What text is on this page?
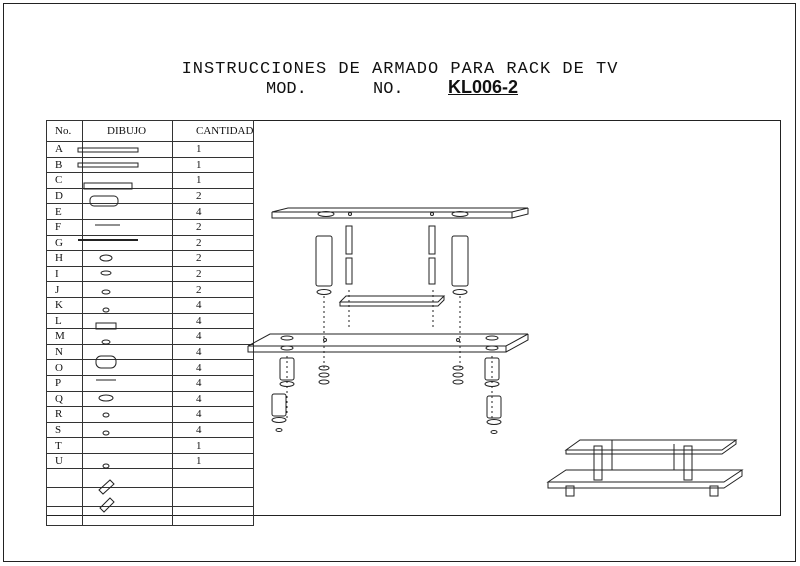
INSTRUCCIONES DE ARMADO PARA RACK DE TV
MOD.	NO. KL006-2
No.	DIBUJO	CANTIDAD
A		1
B		1
C		1
D		2
E		4
F		2
G		2
H		2
I		2
J		2
K		4
L		4
M		4
N		4
O		4
P		4
Q		4
R		4
S		4
T		1
U		1
